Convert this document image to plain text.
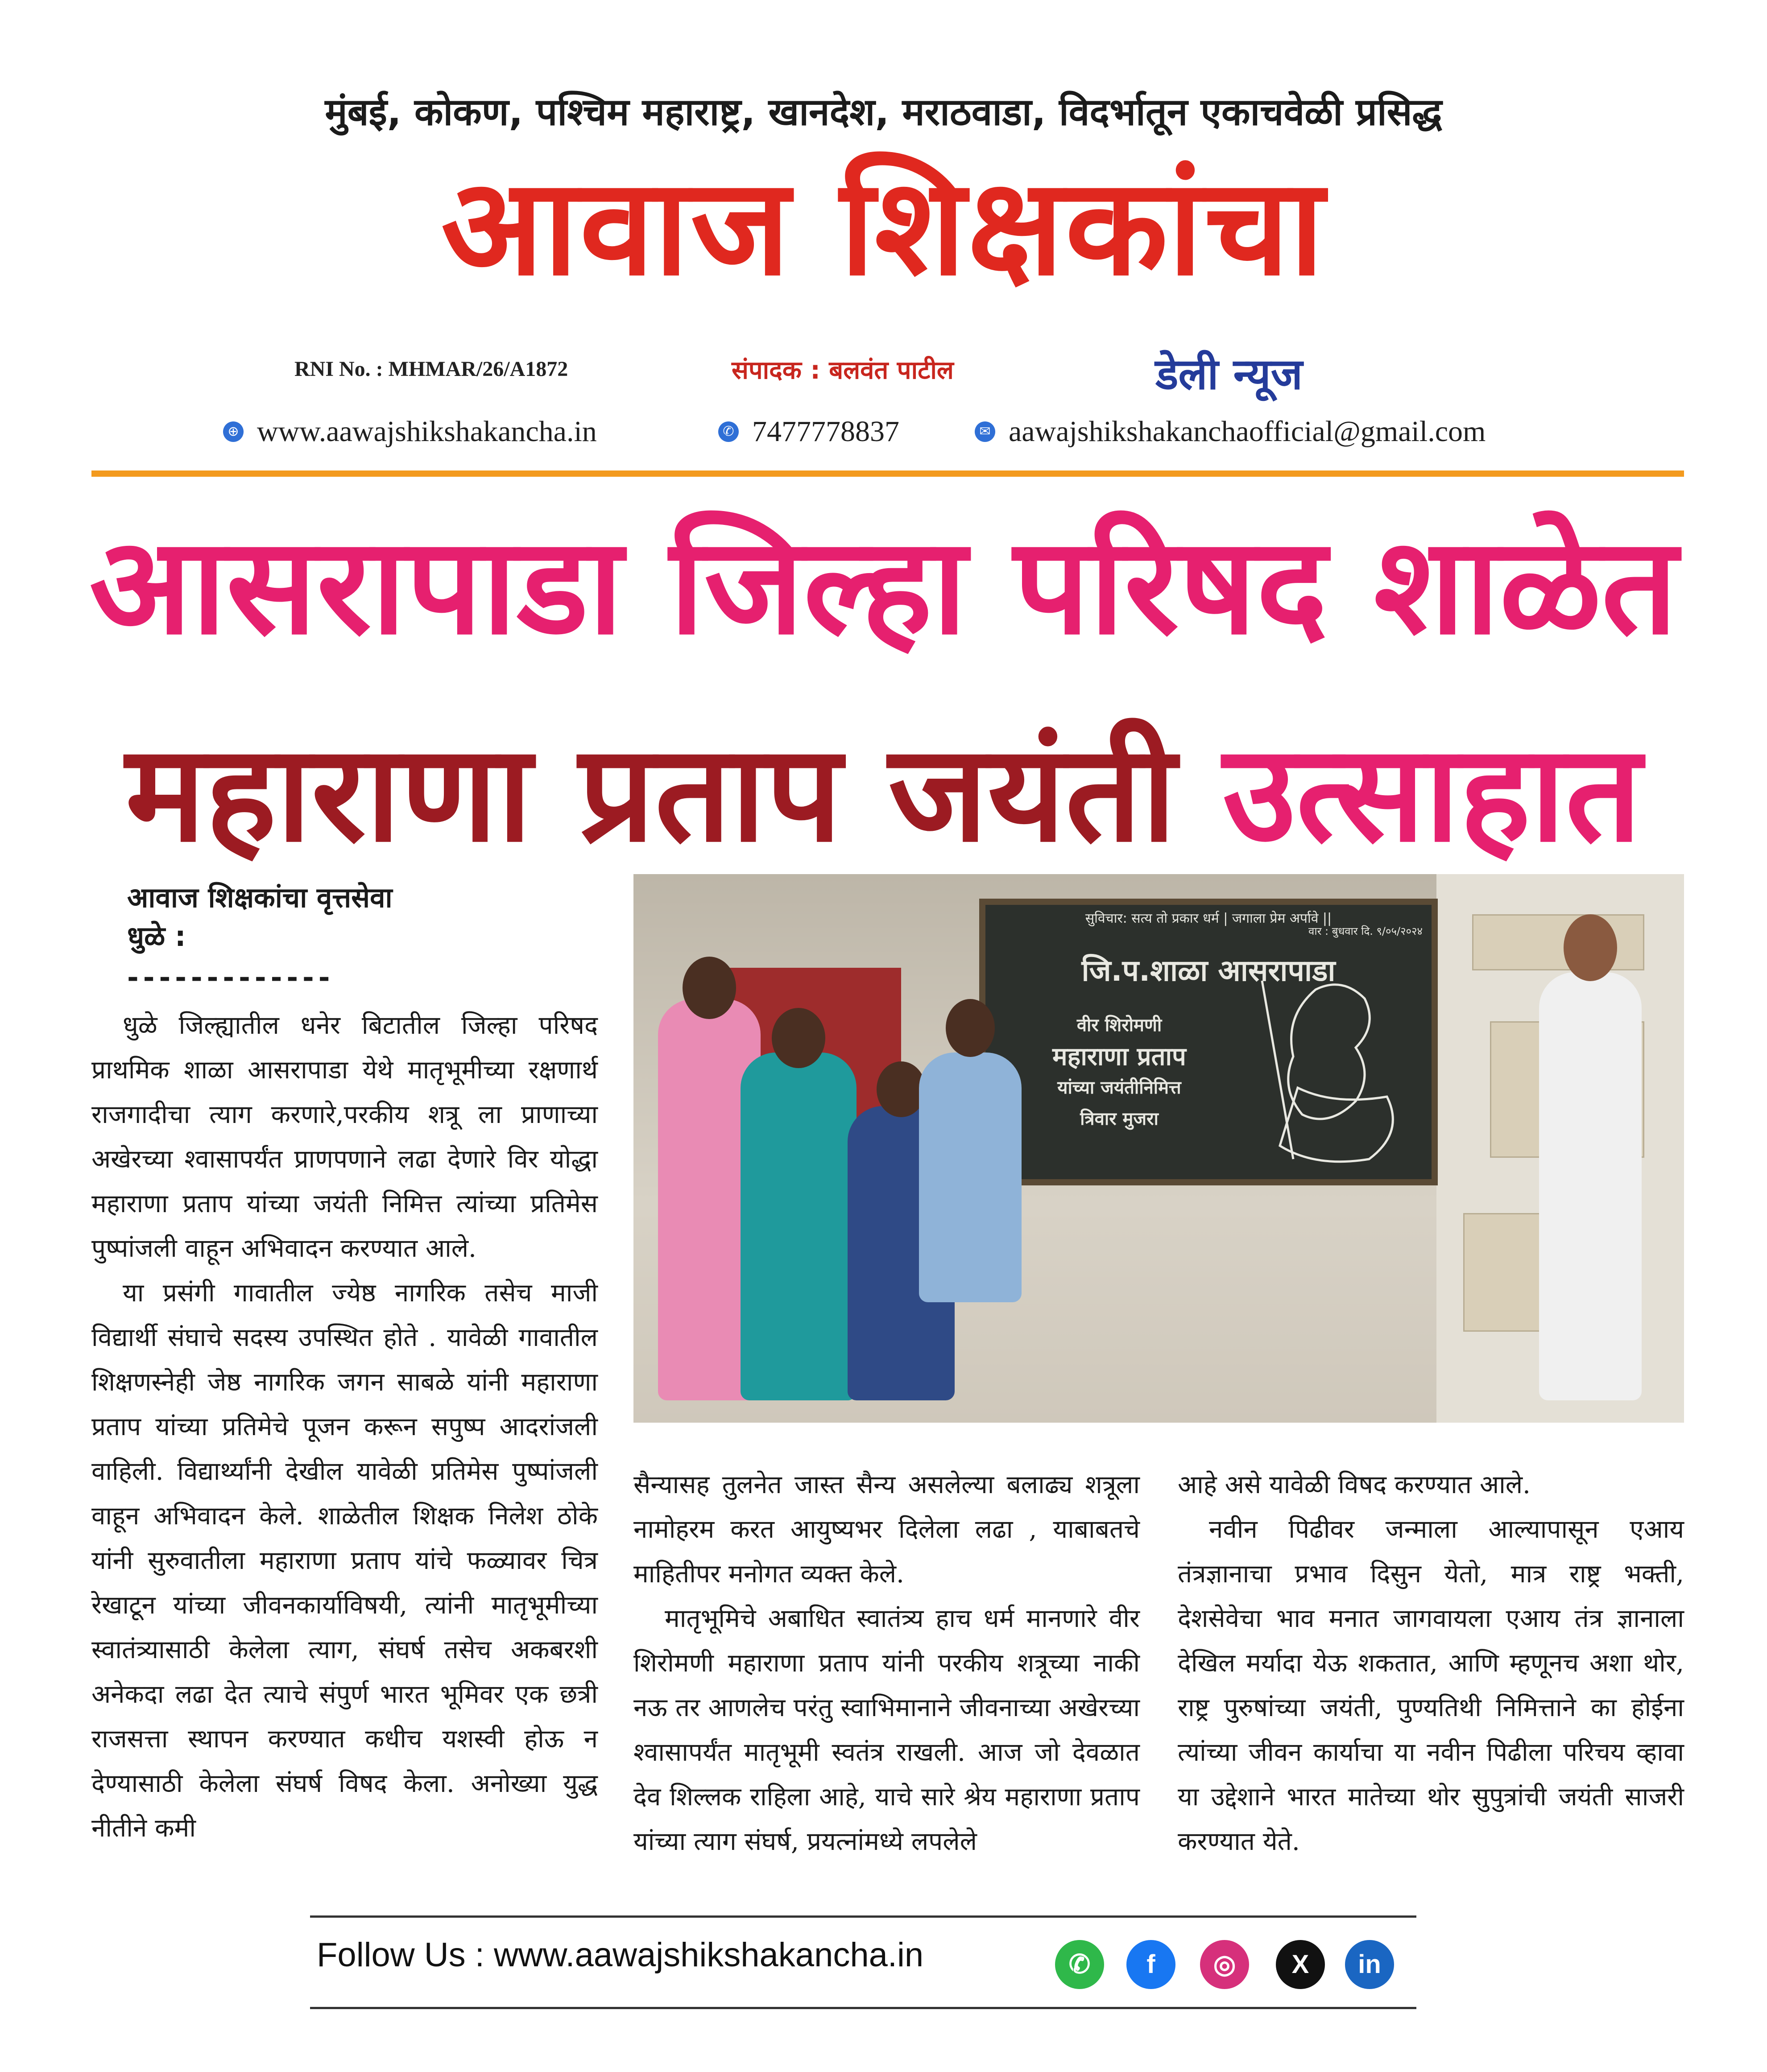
मुंबई, कोकण, पश्चिम महाराष्ट्र, खानदेश, मराठवाडा, विदर्भातून एकाचवेळी प्रसिद्ध
आवाज शिक्षकांचा
RNI No. : MHMAR/26/A1872	संपादक : बलवंत पाटील	डेली न्यूज
⊕ www.aawajshikshakancha.in	✆ 7477778837	✉ aawajshikshakanchaofficial@gmail.com
आसरापाडा जिल्हा परिषद शाळेत
महाराणा प्रताप जयंती उत्साहात
आवाज शिक्षकांचा वृत्तसेवा
धुळे :
-------------

धुळे जिल्ह्यातील धनेर बिटातील जिल्हा परिषद प्राथमिक शाळा आसरापाडा येथे मातृभूमीच्या रक्षणार्थ राजगादीचा त्याग करणारे,परकीय शत्रू ला प्राणाच्या अखेरच्या श्वासापर्यंत प्राणपणाने लढा देणारे विर योद्धा महाराणा प्रताप यांच्या जयंती निमित्त त्यांच्या प्रतिमेस पुष्पांजली वाहून अभिवादन करण्यात आले.

या प्रसंगी गावातील ज्येष्ठ नागरिक तसेच माजी विद्यार्थी संघाचे सदस्य उपस्थित होते . यावेळी गावातील शिक्षणस्नेही जेष्ठ नागरिक जगन साबळे यांनी महाराणा प्रताप यांच्या प्रतिमेचे पूजन करून सपुष्प आदरांजली वाहिली. विद्यार्थ्यांनी देखील यावेळी प्रतिमेस पुष्पांजली वाहून अभिवादन केले. शाळेतील शिक्षक निलेश ठोके यांनी सुरुवातीला महाराणा प्रताप यांचे फळ्यावर चित्र रेखाटून यांच्या जीवनकार्याविषयी, त्यांनी मातृभूमीच्या स्वातंत्र्यासाठी केलेला त्याग, संघर्ष तसेच अकबरशी अनेकदा लढा देत त्याचे संपुर्ण भारत भूमिवर एक छत्री राजसत्ता स्थापन करण्यात कधीच यशस्वी होऊ न देण्यासाठी केलेला संघर्ष विषद केला. अनोख्या युद्ध नीतीने कमी

सुविचार: सत्य तो प्रकार धर्म | जगाला प्रेम अर्पावे ||
वार : बुधवार दि. ९/०५/२०२४
जि.प.शाळा आसरापाडा
वीर शिरोमणी
महाराणा प्रताप
यांच्या जयंतीनिमित्त
त्रिवार मुजरा

सैन्यासह तुलनेत जास्त सैन्य असलेल्या बलाढ्य शत्रूला नामोहरम करत आयुष्यभर दिलेला लढा , याबाबतचे माहितीपर मनोगत व्यक्त केले.

मातृभूमिचे अबाधित स्वातंत्र्य हाच धर्म मानणारे वीर शिरोमणी महाराणा प्रताप यांनी परकीय शत्रूच्या नाकी नऊ तर आणलेच परंतु स्वाभिमानाने जीवनाच्या अखेरच्या श्वासापर्यंत मातृभूमी स्वतंत्र राखली. आज जो देवळात देव शिल्लक राहिला आहे, याचे सारे श्रेय महाराणा प्रताप यांच्या त्याग संघर्ष, प्रयत्नांमध्ये लपलेले

आहे असे यावेळी विषद करण्यात आले.

नवीन पिढीवर जन्माला आल्यापासून एआय तंत्रज्ञानाचा प्रभाव दिसुन येतो, मात्र राष्ट्र भक्ती, देशसेवेचा भाव मनात जागवायला एआय तंत्र ज्ञानाला देखिल मर्यादा येऊ शकतात, आणि म्हणूनच अशा थोर, राष्ट्र पुरुषांच्या जयंती, पुण्यतिथी निमित्ताने का होईना त्यांच्या जीवन कार्याचा या नवीन पिढीला परिचय व्हावा या उद्देशाने भारत मातेच्या थोर सुपुत्रांची जयंती साजरी करण्यात येते.

Follow Us : www.aawajshikshakancha.in	✆	f	◎	X	in
